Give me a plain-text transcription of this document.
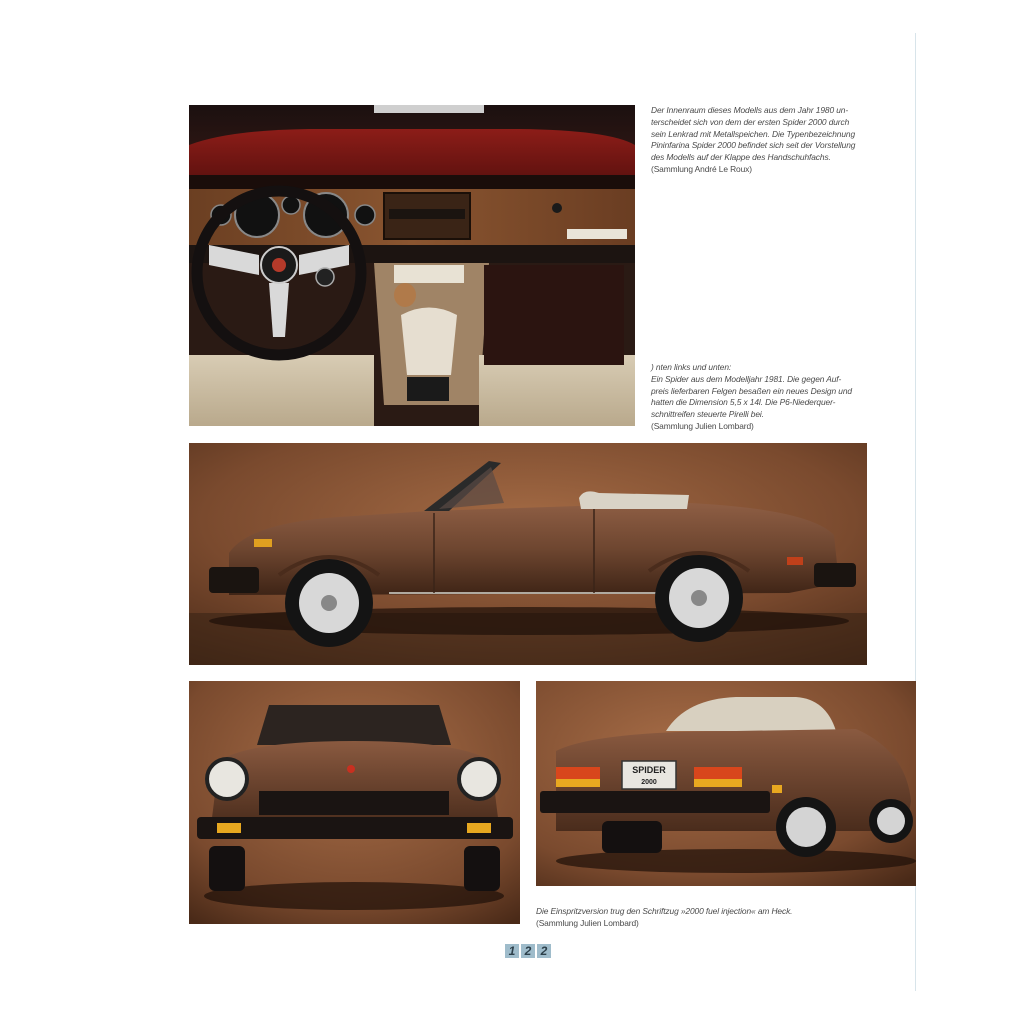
Der Innenraum dieses Modells aus dem Jahr 1980 un-
terscheidet sich von dem der ersten Spider 2000 durch
sein Lenkrad mit Metallspeichen. Die Typenbezeichnung
Pininfarina Spider 2000 befindet sich seit der Vorstellung
des Modells auf der Klappe des Handschuhfachs.
(Sammlung André Le Roux)
) nten links und unten:
Ein Spider aus dem Modelljahr 1981. Die gegen Auf-
preis lieferbaren Felgen besaßen ein neues Design und
hatten die Dimension 5,5 x 14l. Die P6-Niederquer-
schnittreifen steuerte Pirelli bei.
(Sammlung Julien Lombard)
SPIDER
2000
Die Einspritzversion trug den Schriftzug »2000 fuel injection« am Heck.
(Sammlung Julien Lombard)
1 2 2
